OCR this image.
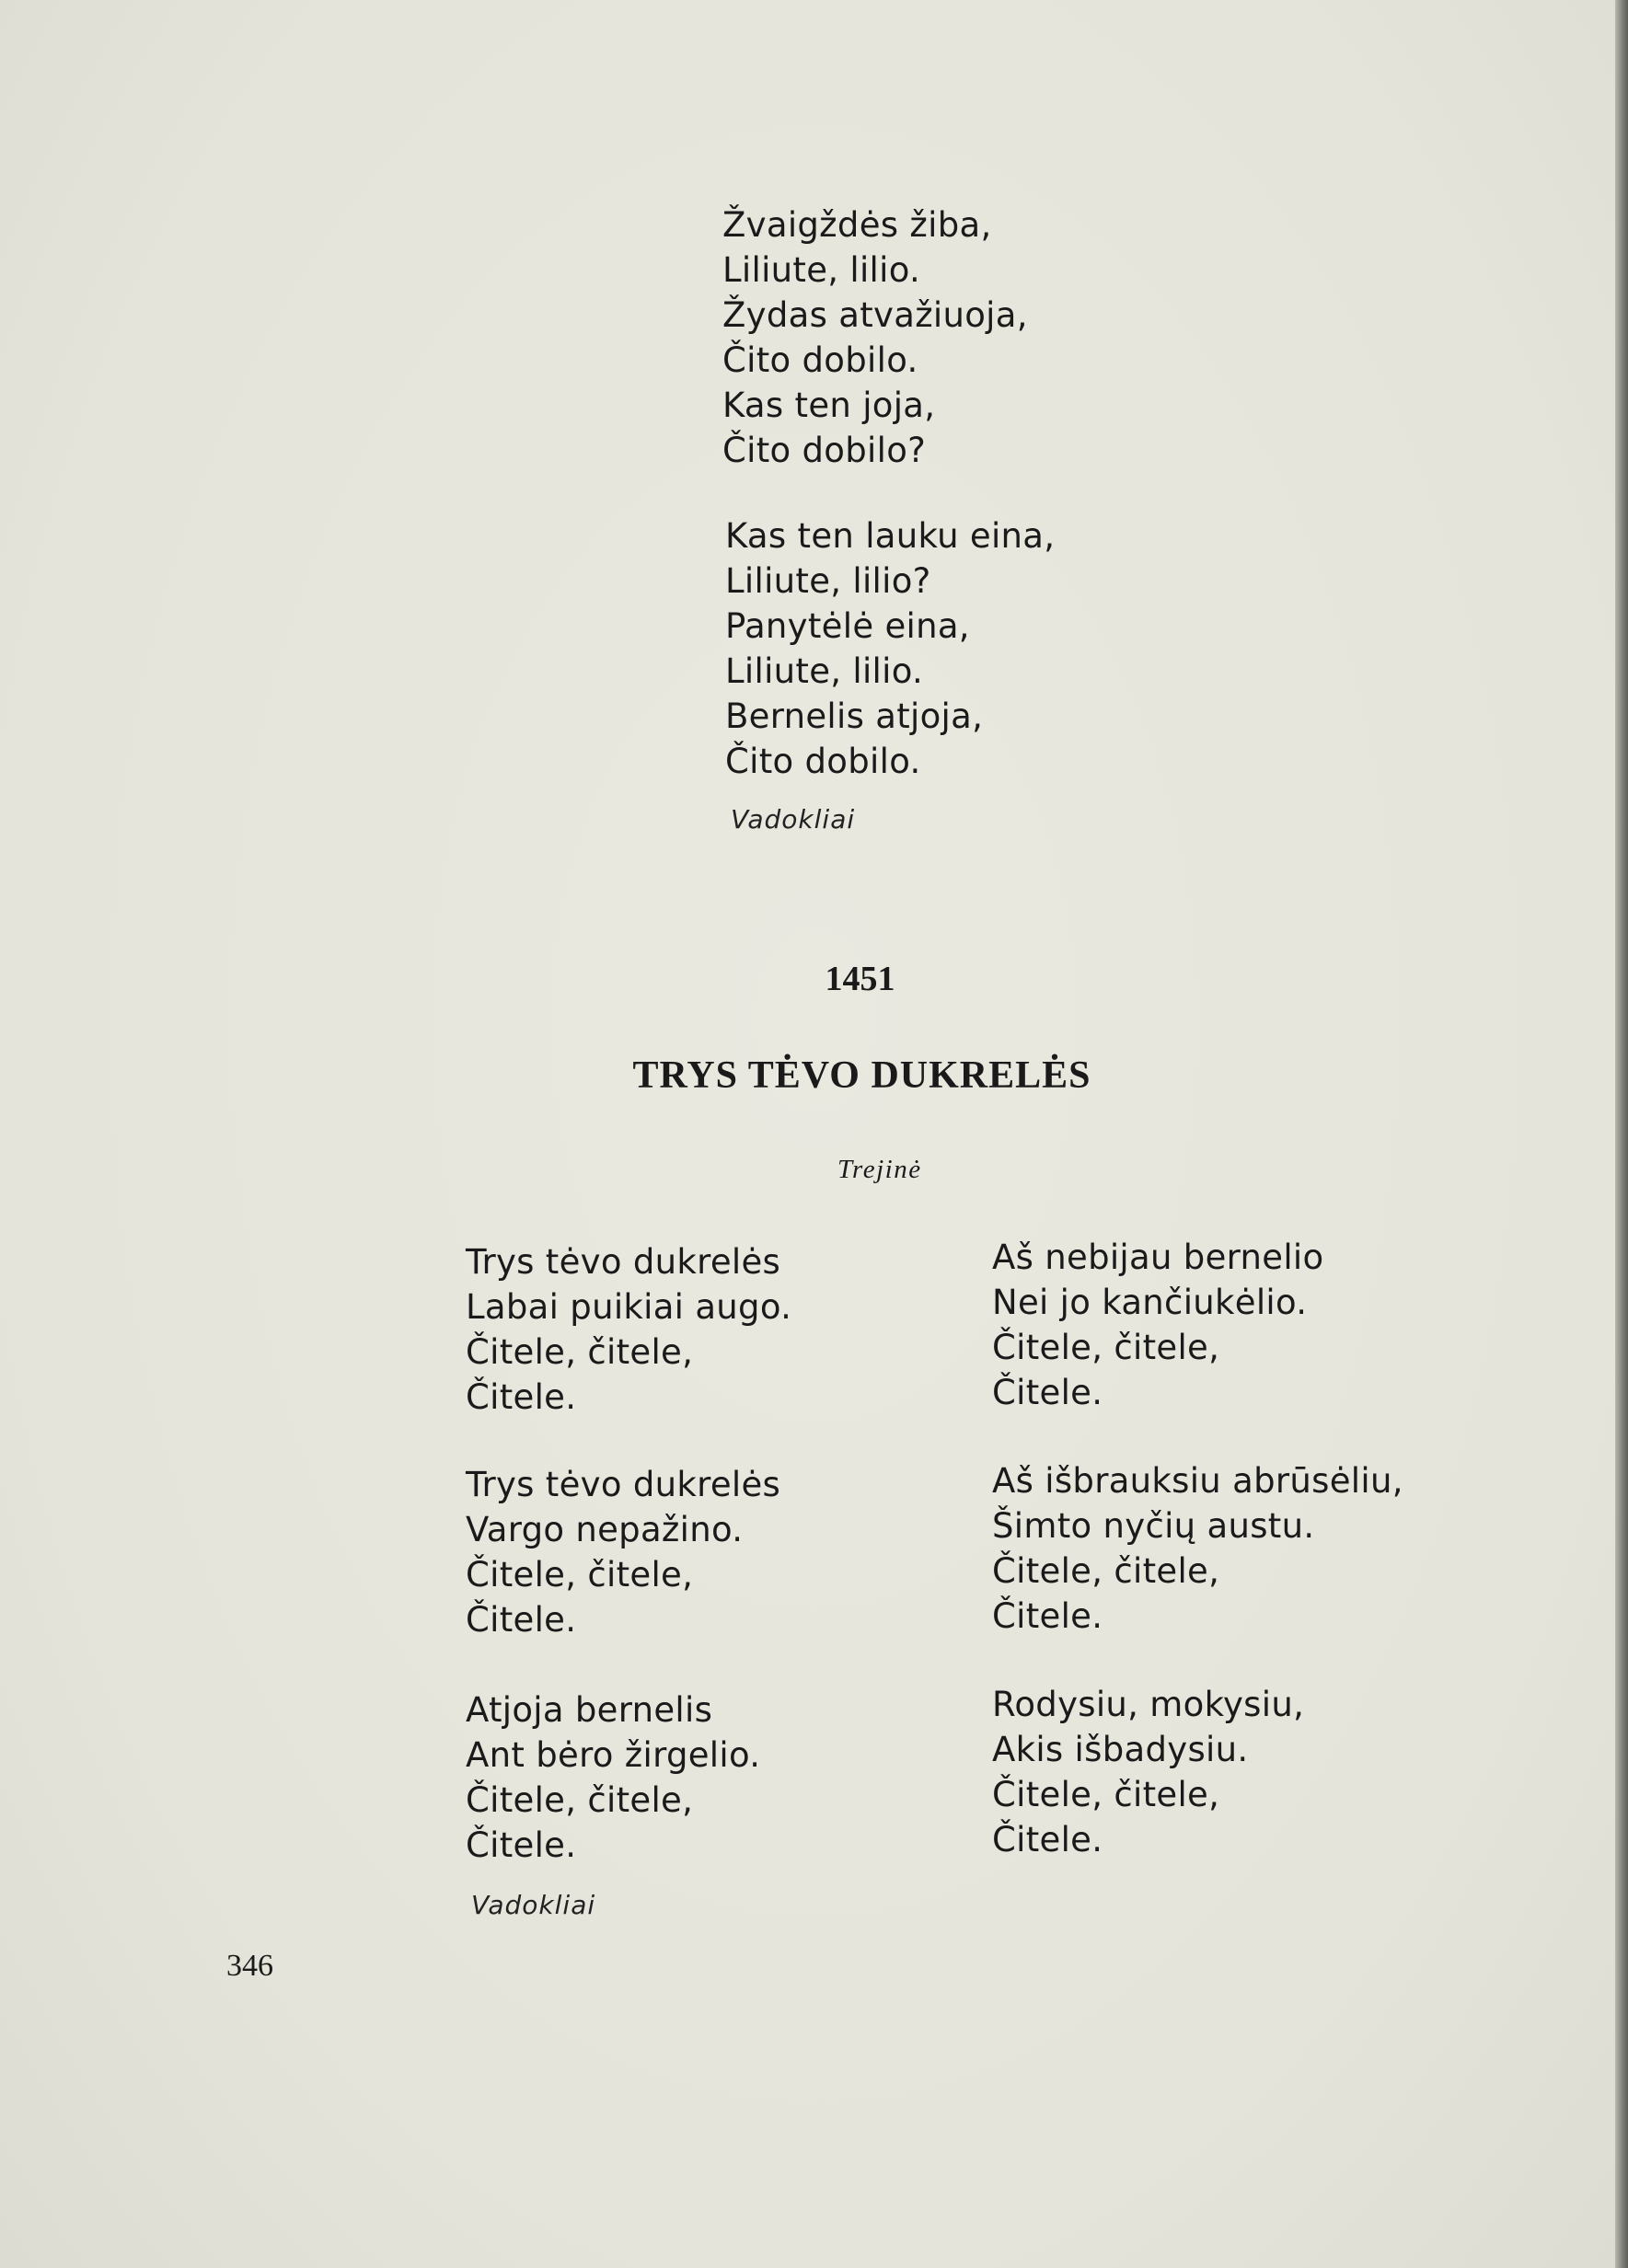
Žvaigždės žiba,
Liliute, lilio.
Žydas atvažiuoja,
Čito dobilo.
Kas ten joja,
Čito dobilo?
Kas ten lauku eina,
Liliute, lilio?
Panytėlė eina,
Liliute, lilio.
Bernelis atjoja,
Čito dobilo.
Vadokliai
1451
TRYS TĖVO DUKRELĖS
Trejinė
Trys tėvo dukrelės
Labai puikiai augo.
Čitele, čitele,
Čitele.
Trys tėvo dukrelės
Vargo nepažino.
Čitele, čitele,
Čitele.
Atjoja bernelis
Ant bėro žirgelio.
Čitele, čitele,
Čitele.
Aš nebijau bernelio
Nei jo kančiukėlio.
Čitele, čitele,
Čitele.
Aš išbrauksiu abrūsėliu,
Šimto nyčių austu.
Čitele, čitele,
Čitele.
Rodysiu, mokysiu,
Akis išbadysiu.
Čitele, čitele,
Čitele.
Vadokliai
346
